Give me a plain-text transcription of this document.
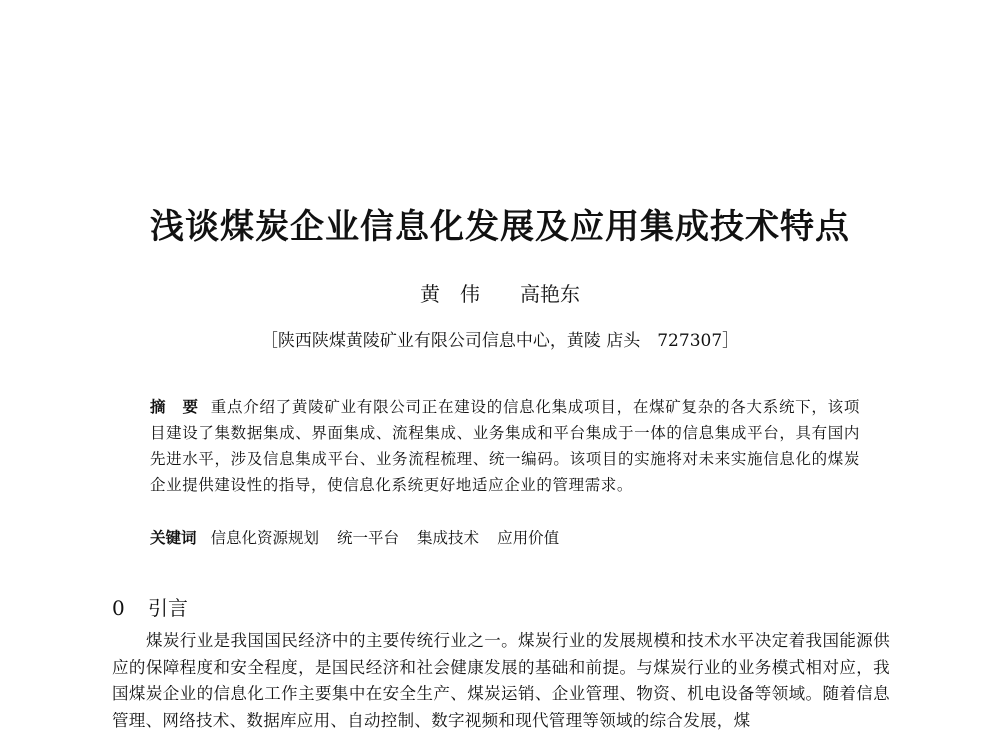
浅谈煤炭企业信息化发展及应用集成技术特点
黄　伟　　高艳东
［陕西陕煤黄陵矿业有限公司信息中心，黄陵 店头　727307］
摘　要 重点介绍了黄陵矿业有限公司正在建设的信息化集成项目，在煤矿复杂的各大系统下，该项目建设了集数据集成、界面集成、流程集成、业务集成和平台集成于一体的信息集成平台，具有国内先进水平，涉及信息集成平台、业务流程梳理、统一编码。该项目的实施将对未来实施信息化的煤炭企业提供建设性的指导，使信息化系统更好地适应企业的管理需求。
关键词 信息化资源规划 统一平台 集成技术 应用价值
0 引言
煤炭行业是我国国民经济中的主要传统行业之一。煤炭行业的发展规模和技术水平决定着我国能源供应的保障程度和安全程度，是国民经济和社会健康发展的基础和前提。与煤炭行业的业务模式相对应，我国煤炭企业的信息化工作主要集中在安全生产、煤炭运销、企业管理、物资、机电设备等领域。随着信息管理、网络技术、数据库应用、自动控制、数字视频和现代管理等领域的综合发展，煤
